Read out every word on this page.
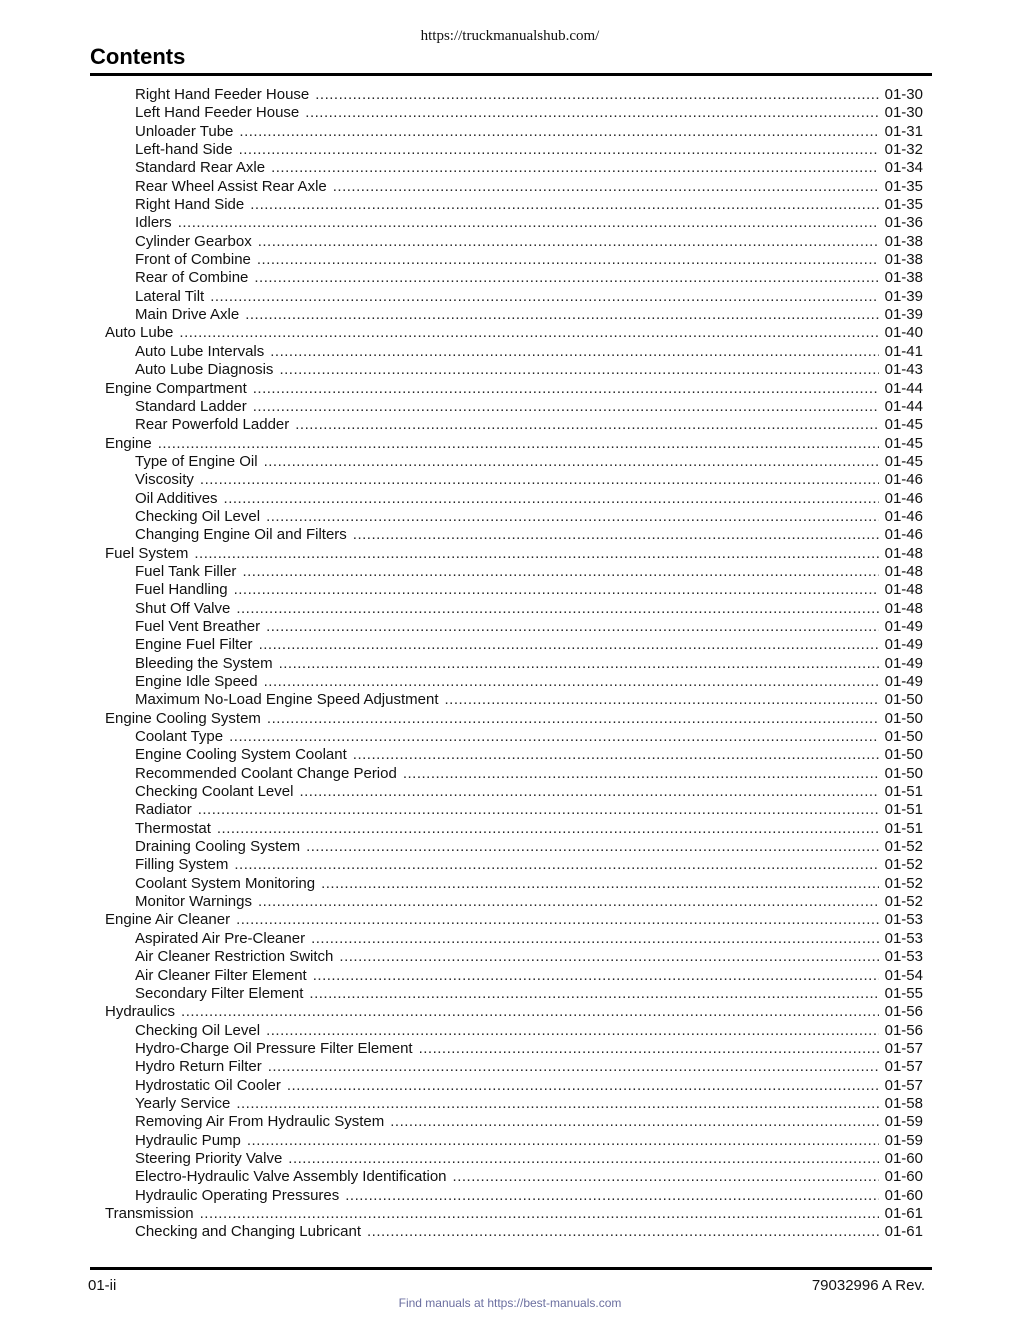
https://truckmanualshub.com/
Contents
Right Hand Feeder House .....	01-30
Left Hand Feeder House .....	01-30
Unloader Tube .....	01-31
Left-hand Side .....	01-32
Standard Rear Axle .....	01-34
Rear Wheel Assist Rear Axle .....	01-35
Right Hand Side .....	01-35
Idlers .....	01-36
Cylinder Gearbox .....	01-38
Front of Combine .....	01-38
Rear of Combine .....	01-38
Lateral Tilt .....	01-39
Main Drive Axle .....	01-39
Auto Lube .....	01-40
Auto Lube Intervals .....	01-41
Auto Lube Diagnosis .....	01-43
Engine Compartment .....	01-44
Standard Ladder .....	01-44
Rear Powerfold Ladder .....	01-45
Engine .....	01-45
Type of Engine Oil .....	01-45
Viscosity .....	01-46
Oil Additives .....	01-46
Checking Oil Level .....	01-46
Changing Engine Oil and Filters .....	01-46
Fuel System .....	01-48
Fuel Tank Filler .....	01-48
Fuel Handling .....	01-48
Shut Off Valve .....	01-48
Fuel Vent Breather .....	01-49
Engine Fuel Filter .....	01-49
Bleeding the System .....	01-49
Engine Idle Speed .....	01-49
Maximum No-Load Engine Speed Adjustment .....	01-50
Engine Cooling System .....	01-50
Coolant Type .....	01-50
Engine Cooling System Coolant .....	01-50
Recommended Coolant Change Period .....	01-50
Checking Coolant Level .....	01-51
Radiator .....	01-51
Thermostat .....	01-51
Draining Cooling System .....	01-52
Filling System .....	01-52
Coolant System Monitoring .....	01-52
Monitor Warnings .....	01-52
Engine Air Cleaner .....	01-53
Aspirated Air Pre-Cleaner .....	01-53
Air Cleaner Restriction Switch .....	01-53
Air Cleaner Filter Element .....	01-54
Secondary Filter Element .....	01-55
Hydraulics .....	01-56
Checking Oil Level .....	01-56
Hydro-Charge Oil Pressure Filter Element .....	01-57
Hydro Return Filter .....	01-57
Hydrostatic Oil Cooler .....	01-57
Yearly Service .....	01-58
Removing Air From Hydraulic System .....	01-59
Hydraulic Pump .....	01-59
Steering Priority Valve .....	01-60
Electro-Hydraulic Valve Assembly Identification .....	01-60
Hydraulic Operating Pressures .....	01-60
Transmission .....	01-61
Checking and Changing Lubricant .....	01-61
01-ii	79032996 A Rev.
Find manuals at https://best-manuals.com
